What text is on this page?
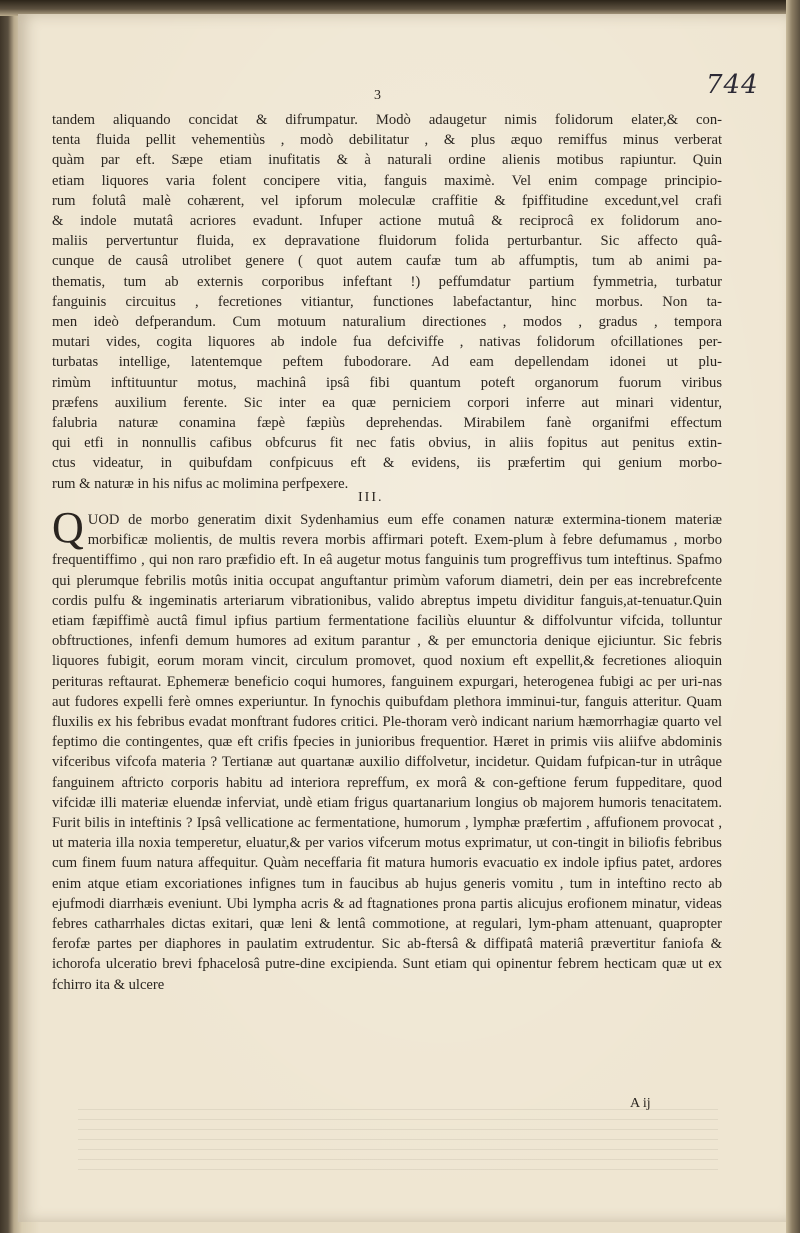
744
3
tandem aliquando concidat & difrumpatur. Modò adaugetur nimis folidorum elater,& con-
tenta fluida pellit vehementiùs , modò debilitatur , & plus æquo remiffus minus verberat
quàm par eft. Sæpe etiam inufitatis & à naturali ordine alienis motibus rapiuntur. Quin
etiam liquores varia folent concipere vitia, fanguis maximè. Vel enim compage principio-
rum folutâ malè cohærent, vel ipforum moleculæ craffitie & fpiffitudine excedunt,vel crafi
& indole mutatâ acriores evadunt. Infuper actione mutuâ & reciprocâ ex folidorum ano-
maliis pervertuntur fluida, ex depravatione fluidorum folida perturbantur. Sic affecto quâ-
cunque de causâ utrolibet genere ( quot autem caufæ tum ab affumptis, tum ab animi pa-
thematis, tum ab externis corporibus infeftant !) peffumdatur partium fymmetria, turbatur
fanguinis circuitus , fecretiones vitiantur, functiones labefactantur, hinc morbus. Non ta-
men ideò defperandum. Cum motuum naturalium directiones , modos , gradus , tempora
mutari vides, cogita liquores ab indole fua defciviffe , nativas folidorum ofcillationes per-
turbatas intellige, latentemque peftem fubodorare. Ad eam depellendam idonei ut plu-
rimùm inftituuntur motus, machinâ ipsâ fibi quantum poteft organorum fuorum viribus
præfens auxilium ferente. Sic inter ea quæ perniciem corpori inferre aut minari videntur,
falubria naturæ conamina fæpè fæpiùs deprehendas. Mirabilem fanè organifmi effectum
qui etfi in nonnullis cafibus obfcurus fit nec fatis obvius, in aliis fopitus aut penitus extin-
ctus videatur, in quibufdam confpicuus eft & evidens, iis præfertim qui genium morbo-
rum & naturæ in his nifus ac molimina perfpexere.
III.
Q UOD de morbo generatim dixit Sydenhamius eum effe conamen naturæ extermina-tionem materiæ morbificæ molientis, de multis revera morbis affirmari poteft. Exem-plum à febre defumamus , morbo frequentiffimo , qui non raro præfidio eft. In eâ augetur motus fanguinis tum progreffivus tum inteftinus. Spafmo qui plerumque febrilis motûs initia occupat anguftantur primùm vaforum diametri, dein per eas increbrefcente cordis pulfu & ingeminatis arteriarum vibrationibus, valido abreptus impetu dividitur fanguis,at-tenuatur.Quin etiam fæpiffimè auctâ fimul ipfius partium fermentatione faciliùs eluuntur & diffolvuntur vifcida, tolluntur obftructiones, infenfi demum humores ad exitum parantur , & per emunctoria denique ejiciuntur. Sic febris liquores fubigit, eorum moram vincit, circulum promovet, quod noxium eft expellit,& fecretiones alioquin perituras reftaurat. Ephemeræ beneficio coqui humores, fanguinem expurgari, heterogenea fubigi ac per uri-nas aut fudores expelli ferè omnes experiuntur. In fynochis quibufdam plethora imminui-tur, fanguis atteritur. Quam fluxilis ex his febribus evadat monftrant fudores critici. Ple-thoram verò indicant narium hæmorrhagiæ quarto vel feptimo die contingentes, quæ eft crifis fpecies in junioribus frequentior. Hæret in primis viis aliifve abdominis vifceribus vifcofa materia ? Tertianæ aut quartanæ auxilio diffolvetur, incidetur. Quidam fufpican-tur in utrâque fanguinem aftricto corporis habitu ad interiora repreffum, ex morâ & con-geftione ferum fuppeditare, quod vifcidæ illi materiæ eluendæ inferviat, undè etiam frigus quartanarium longius ob majorem humoris tenacitatem. Furit bilis in inteftinis ? Ipsâ vellicatione ac fermentatione, humorum , lymphæ præfertim , affufionem provocat , ut materia illa noxia temperetur, eluatur,& per varios vifcerum motus exprimatur, ut con-tingit in biliofis febribus cum finem fuum natura affequitur. Quàm neceffaria fit matura humoris evacuatio ex indole ipfius patet, ardores enim atque etiam excoriationes infignes tum in faucibus ab hujus generis vomitu , tum in inteftino recto ab ejufmodi diarrhæis eveniunt. Ubi lympha acris & ad ftagnationes prona partis alicujus erofionem minatur, videas febres catharrhales dictas exitari, quæ leni & lentâ commotione, at regulari, lym-pham attenuant, quapropter ferofæ partes per diaphores in paulatim extrudentur. Sic ab-ftersâ & diffipatâ materiâ prævertitur faniofa & ichorofa ulceratio brevi fphacelosâ putre-dine excipienda. Sunt etiam qui opinentur febrem hecticam quæ ut ex fchirro ita & ulcere
A ij
